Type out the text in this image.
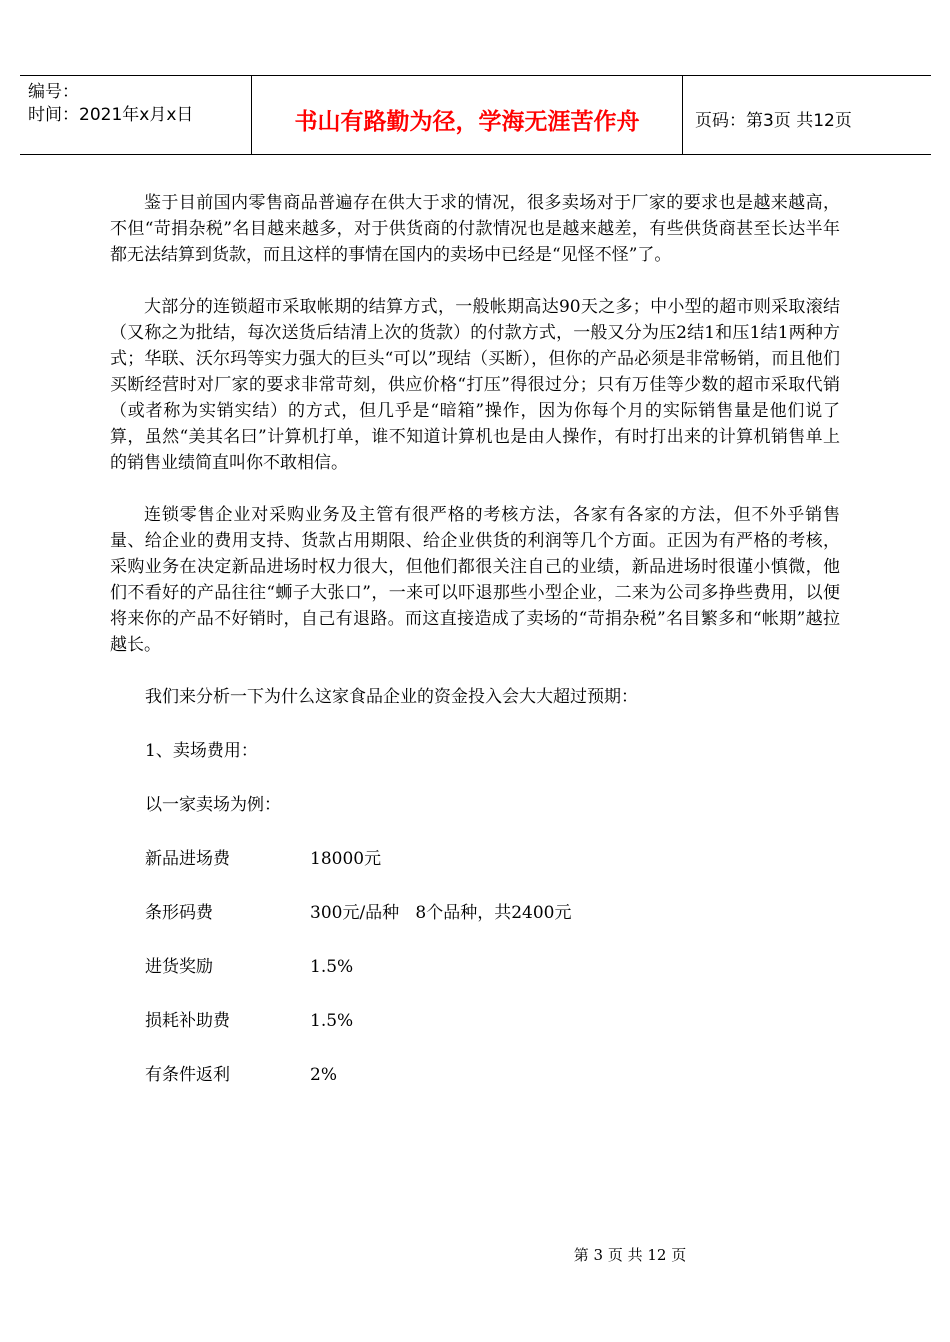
编号：
时间：2021年x月x日	书山有路勤为径，学海无涯苦作舟	页码：第3页 共12页

鉴于目前国内零售商品普遍存在供大于求的情况，很多卖场对于厂家的要求也是越来越高，不但“苛捐杂税”名目越来越多，对于供货商的付款情况也是越来越差，有些供货商甚至长达半年都无法结算到货款，而且这样的事情在国内的卖场中已经是“见怪不怪”了。

大部分的连锁超市采取帐期的结算方式，一般帐期高达90天之多；中小型的超市则采取滚结（又称之为批结，每次送货后结清上次的货款）的付款方式，一般又分为压2结1和压1结1两种方式；华联、沃尔玛等实力强大的巨头“可以”现结（买断），但你的产品必须是非常畅销，而且他们买断经营时对厂家的要求非常苛刻，供应价格“打压”得很过分；只有万佳等少数的超市采取代销（或者称为实销实结）的方式，但几乎是“暗箱”操作，因为你每个月的实际销售量是他们说了算，虽然“美其名曰”计算机打单，谁不知道计算机也是由人操作，有时打出来的计算机销售单上的销售业绩简直叫你不敢相信。

连锁零售企业对采购业务及主管有很严格的考核方法，各家有各家的方法，但不外乎销售量、给企业的费用支持、货款占用期限、给企业供货的利润等几个方面。正因为有严格的考核，采购业务在决定新品进场时权力很大，但他们都很关注自己的业绩，新品进场时很谨小慎微，他们不看好的产品往往“蛳子大张口”，一来可以吓退那些小型企业，二来为公司多挣些费用，以便将来你的产品不好销时，自己有退路。而这直接造成了卖场的“苛捐杂税”名目繁多和“帐期”越拉越长。

我们来分析一下为什么这家食品企业的资金投入会大大超过预期：
1、卖场费用：
以一家卖场为例：
新品进场费	18000元
条形码费	300元/品种   8个品种，共2400元
进货奖励	1.5%
损耗补助费	1.5%
有条件返利	2%
第 3 页 共 12 页
